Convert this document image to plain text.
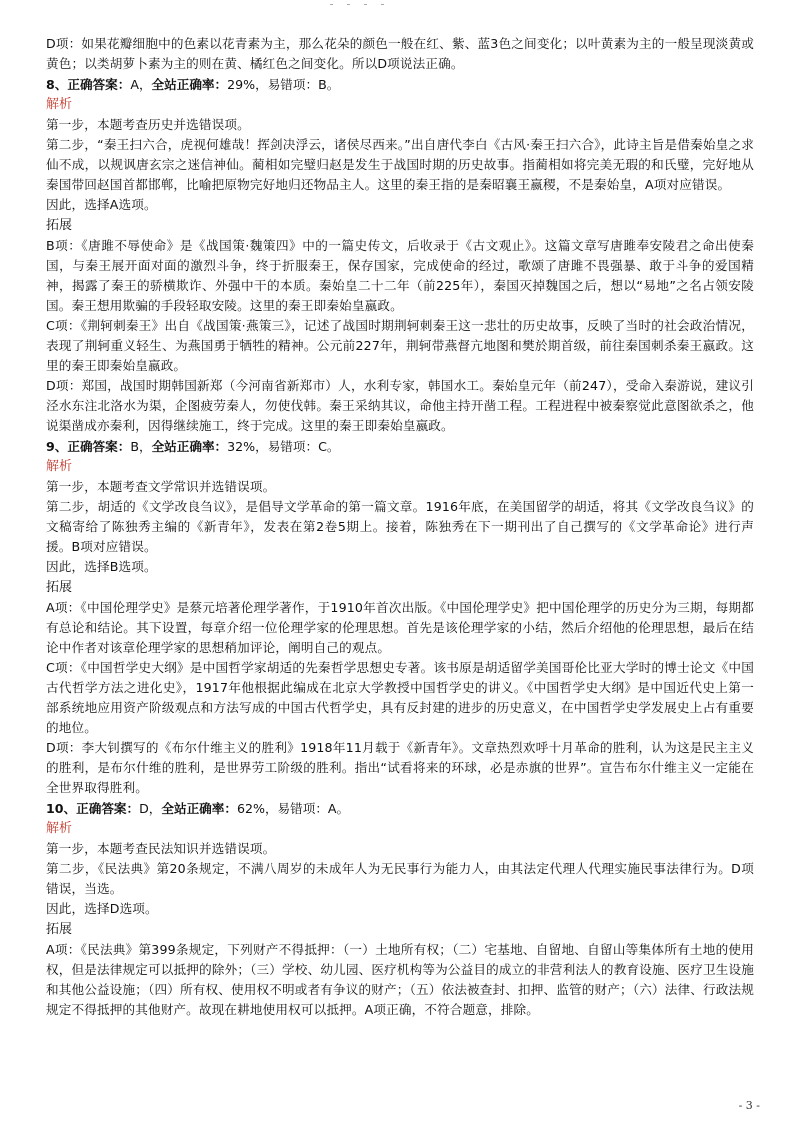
D项：如果花瓣细胞中的色素以花青素为主，那么花朵的颜色一般在红、紫、蓝3色之间变化；以叶黄素为主的一般呈现淡黄或黄色；以类胡萝卜素为主的则在黄、橘红色之间变化。所以D项说法正确。

8、正确答案：A，全站正确率：29%，易错项：B。

解析

第一步，本题考查历史并选错误项。

第二步，“秦王扫六合，虎视何雄哉！挥剑决浮云，诸侯尽西来。”出自唐代李白《古风·秦王扫六合》，此诗主旨是借秦始皇之求仙不成，以规讽唐玄宗之迷信神仙。蔺相如完璧归赵是发生于战国时期的历史故事。指蔺相如将完美无瑕的和氏璧，完好地从秦国带回赵国首都邯郸，比喻把原物完好地归还物品主人。这里的秦王指的是秦昭襄王嬴稷，不是秦始皇，A项对应错误。

因此，选择A选项。

拓展

B项：《唐雎不辱使命》是《战国策·魏策四》中的一篇史传文，后收录于《古文观止》。这篇文章写唐雎奉安陵君之命出使秦国，与秦王展开面对面的激烈斗争，终于折服秦王，保存国家，完成使命的经过，歌颂了唐雎不畏强暴、敢于斗争的爱国精神，揭露了秦王的骄横欺诈、外强中干的本质。秦始皇二十二年（前225年），秦国灭掉魏国之后，想以“易地”之名占领安陵国。秦王想用欺骗的手段轻取安陵。这里的秦王即秦始皇嬴政。

C项：《荆轲刺秦王》出自《战国策·燕策三》，记述了战国时期荆轲刺秦王这一悲壮的历史故事，反映了当时的社会政治情况，表现了荆轲重义轻生、为燕国勇于牺牲的精神。公元前227年，荆轲带燕督亢地图和樊於期首级，前往秦国刺杀秦王嬴政。这里的秦王即秦始皇嬴政。

D项：郑国，战国时期韩国新郑（今河南省新郑市）人，水利专家，韩国水工。秦始皇元年（前247），受命入秦游说，建议引泾水东注北洛水为渠，企图疲劳秦人，勿使伐韩。秦王采纳其议，命他主持开凿工程。工程进程中被秦察觉此意图欲杀之，他说渠凿成亦秦利，因得继续施工，终于完成。这里的秦王即秦始皇嬴政。

9、正确答案：B，全站正确率：32%，易错项：C。

解析

第一步，本题考查文学常识并选错误项。

第二步，胡适的《文学改良刍议》，是倡导文学革命的第一篇文章。1916年底，在美国留学的胡适，将其《文学改良刍议》的文稿寄给了陈独秀主编的《新青年》，发表在第2卷5期上。接着，陈独秀在下一期刊出了自己撰写的《文学革命论》进行声援。B项对应错误。

因此，选择B选项。

拓展

A项：《中国伦理学史》是蔡元培著伦理学著作，于1910年首次出版。《中国伦理学史》把中国伦理学的历史分为三期，每期都有总论和结论。其下设置，每章介绍一位伦理学家的伦理思想。首先是该伦理学家的小结，然后介绍他的伦理思想，最后在结论中作者对该章伦理学家的思想稍加评论，阐明自己的观点。

C项：《中国哲学史大纲》是中国哲学家胡适的先秦哲学思想史专著。该书原是胡适留学美国哥伦比亚大学时的博士论文《中国古代哲学方法之进化史》，1917年他根据此编成在北京大学教授中国哲学史的讲义。《中国哲学史大纲》是中国近代史上第一部系统地应用资产阶级观点和方法写成的中国古代哲学史，具有反封建的进步的历史意义，在中国哲学史学发展史上占有重要的地位。

D项：李大钊撰写的《布尔什维主义的胜利》1918年11月载于《新青年》。文章热烈欢呼十月革命的胜利，认为这是民主主义的胜利，是布尔什维的胜利，是世界劳工阶级的胜利。指出“试看将来的环球，必是赤旗的世界”。宣告布尔什维主义一定能在全世界取得胜利。

10、正确答案：D，全站正确率：62%，易错项：A。

解析

第一步，本题考查民法知识并选错误项。

第二步，《民法典》第20条规定，不满八周岁的未成年人为无民事行为能力人，由其法定代理人代理实施民事法律行为。D项错误，当选。

因此，选择D选项。

拓展

A项：《民法典》第399条规定，下列财产不得抵押：（一）土地所有权；（二）宅基地、自留地、自留山等集体所有土地的使用权，但是法律规定可以抵押的除外；（三）学校、幼儿园、医疗机构等为公益目的成立的非营利法人的教育设施、医疗卫生设施和其他公益设施；（四）所有权、使用权不明或者有争议的财产；（五）依法被查封、扣押、监管的财产；（六）法律、行政法规规定不得抵押的其他财产。故现在耕地使用权可以抵押。A项正确，不符合题意，排除。

- 3 -
